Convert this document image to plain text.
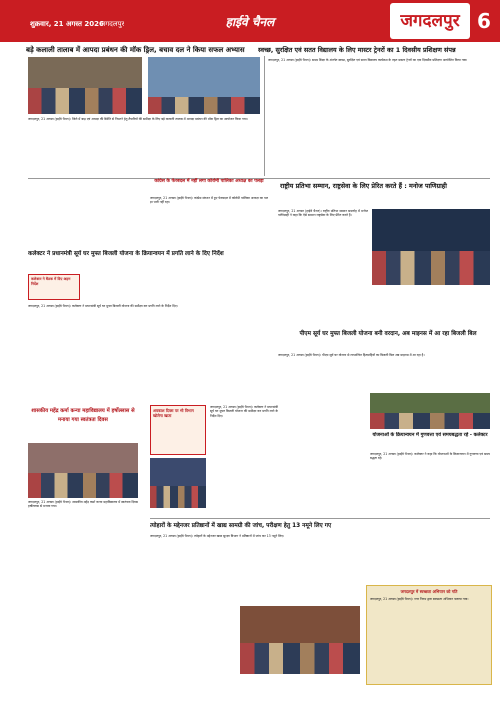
शुक्रवार, 21 अगस्त 2026
जगदलपुर	हाईवे चैनल	जगदलपुर 6
बड़े कलाली तालाब में आपदा प्रबंधन की मॉक ड्रिल, बचाव दल ने किया सफल अभ्यास
जगदलपुर, 21 अगस्त (हाईवे चैनल)। जिले में बाढ़ एवं आपदा की स्थिति से निपटने हेतु तैयारियों की समीक्षा के लिए बड़े कलाली तालाब में आपदा प्रबंधन की मॉक ड्रिल का आयोजन किया गया।
स्वच्छ, सुरक्षित एवं सतत विद्यालय के लिए मास्टर ट्रेनरों का 1 दिवसीय प्रशिक्षण संपन्न
जगदलपुर, 21 अगस्त (हाईवे चैनल)। समग्र शिक्षा के अंतर्गत स्वच्छ, सुरक्षित एवं सतत विद्यालय कार्यक्रम के तहत मास्टर ट्रेनरों का एक दिवसीय प्रशिक्षण आयोजित किया गया।
कांग्रेस के फेरबदल में नहीं लगा कोर्रामी पालिका अध्यक्ष का पलड़ा
जगदलपुर, 21 अगस्त (हाईवे चैनल)। कांग्रेस संगठन में हुए फेरबदल में कोर्रामी पालिका अध्यक्ष का पलड़ा भारी नहीं रहा।
राष्ट्रीय प्रतिभा सम्मान, राष्ट्रसेवा के लिए प्रेरित करते हैं : मनोज पाणिग्राही
जगदलपुर, 21 अगस्त (हाईवे चैनल)। राष्ट्रीय प्रतिभा सम्मान समारोह में मनोज पाणिग्राही ने कहा कि ऐसे सम्मान राष्ट्रसेवा के लिए प्रेरित करते हैं।
कलेक्टर ने प्रधानमंत्री सूर्य घर मुफ्त बिजली योजना के क्रियान्वयन में प्रगति लाने के दिए निर्देश
कलेक्टर ने बैठक में दिए अहम निर्देश
जगदलपुर, 21 अगस्त (हाईवे चैनल)। कलेक्टर ने प्रधानमंत्री सूर्य घर मुफ्त बिजली योजना की समीक्षा कर प्रगति लाने के निर्देश दिए।
पीएम सूर्य घर मुफ्त बिजली योजना बनी वरदान, अब माइनस में आ रहा बिजली बिल
जगदलपुर, 21 अगस्त (हाईवे चैनल)। पीएम सूर्य घर योजना से लाभान्वित हितग्राहियों का बिजली बिल अब माइनस में आ रहा है।
शासकीय महेंद्र कर्मा कन्या महाविद्यालय में हर्षोल्लास से मनाया गया स्वतंत्रता दिवस
जगदलपुर, 21 अगस्त (हाईवे चैनल)। शासकीय महेंद्र कर्मा कन्या महाविद्यालय में स्वतंत्रता दिवस हर्षोल्लास से मनाया गया।
अवकाश दिवस पर भी विभाग खोलेगा खाता
जगदलपुर, 21 अगस्त (हाईवे चैनल)। कलेक्टर ने प्रधानमंत्री सूर्य घर मुफ्त बिजली योजना की समीक्षा कर प्रगति लाने के निर्देश दिए।
त्योहारों के मद्देनजर प्रतिष्ठानों में खाद्य सामग्री की जांच, परीक्षण हेतु 13 नमूने लिए गए
जगदलपुर, 21 अगस्त (हाईवे चैनल)। त्योहारों के मद्देनजर खाद्य सुरक्षा विभाग ने प्रतिष्ठानों में जांच कर 13 नमूने लिए।
योजनाओं के क्रियान्वयन में गुणवत्ता एवं समयबद्धता रहे - कलेक्टर
जगदलपुर, 21 अगस्त (हाईवे चैनल)। कलेक्टर ने कहा कि योजनाओं के क्रियान्वयन में गुणवत्ता एवं समयबद्धता रहे।
जगदलपुर में स्वच्छता अभियान को गति
जगदलपुर, 21 अगस्त (हाईवे चैनल)। नगर निगम द्वारा स्वच्छता अभियान चलाया गया।
